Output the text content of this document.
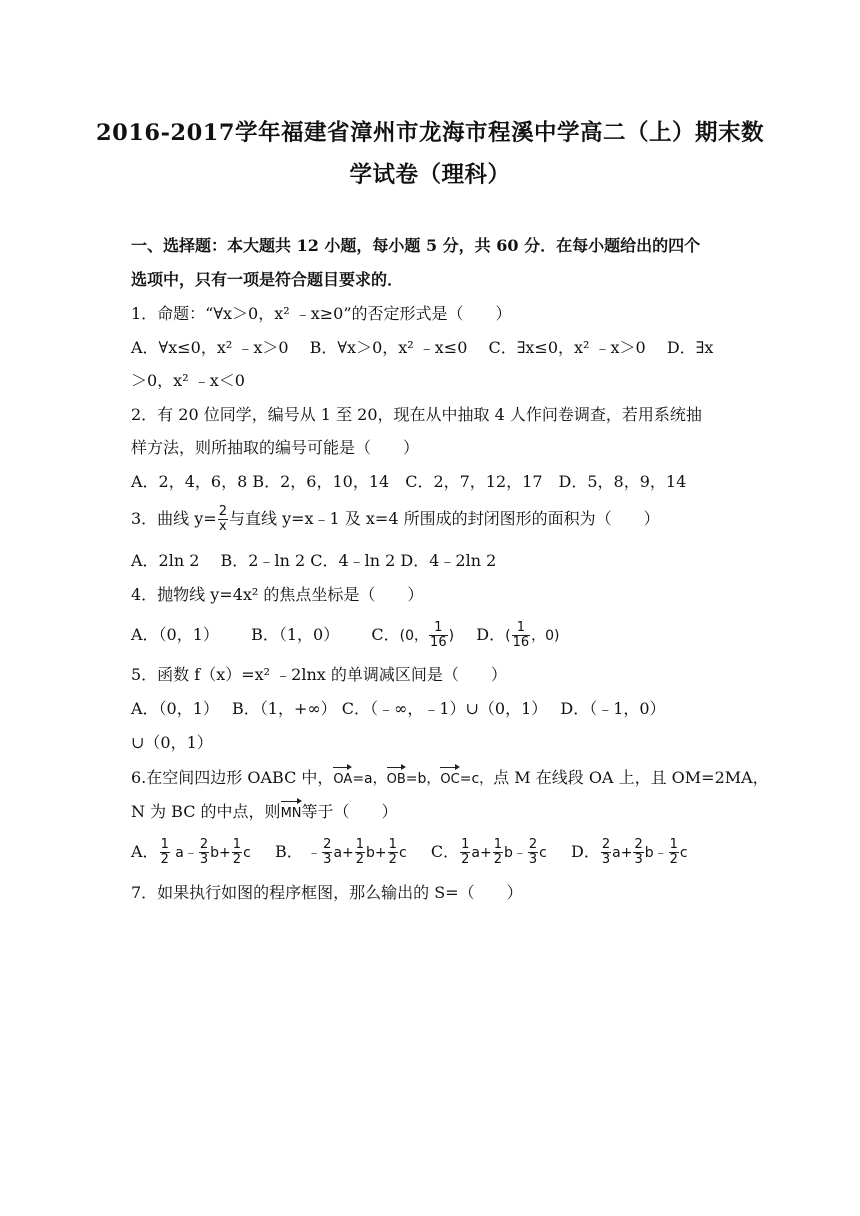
2016-2017学年福建省漳州市龙海市程溪中学高二（上）期末数
学试卷（理科）
一、选择题：本大题共 12 小题，每小题 5 分，共 60 分．在每小题给出的四个
选项中，只有一项是符合题目要求的．
1．命题：“∀x＞0，x² ﹣x≥0”的否定形式是（　　）
A．∀x≤0，x² ﹣x＞0　 B．∀x＞0，x² ﹣x≤0　 C．∃x≤0，x² ﹣x＞0　 D．∃x
＞0，x² ﹣x＜0
2．有 20 位同学，编号从 1 至 20，现在从中抽取 4 人作问卷调查，若用系统抽
样方法，则所抽取的编号可能是（　　）
A．2，4，6，8 B．2，6，10，14　C．2，7，12，17　D．5，8，9，14
3．曲线 $y= \frac{2}{x}$ 与直线 y=x﹣1 及 x=4 所围成的封闭图形的面积为（　　）
A．2ln 2　 B．2﹣ln 2 C．4﹣ln 2 D．4﹣2ln 2
4．抛物线 y=4x² 的焦点坐标是（　　）
A．（0，1） B．（1，0） C．(0， $\frac{1}{16}$ ) D．( $\frac{1}{16}$ ，0)
5．函数 f（x）=x² ﹣2lnx 的单调减区间是（　　）
A．（0，1）　 B．（1，+∞） C．（﹣∞，﹣1）∪（0，1）　 D．（﹣1，0）
∪（0，1）
6.在空间四边形 OABC 中，OA=a，OB=b，OC=c，点 M 在线段 OA 上，且 OM=2MA，
N 为 BC 的中点，则MN等于（　　）
A． $\frac{1}{2}$ a﹣ $\frac{2}{3} b+ \frac{1}{2}$ c B． ﹣ $\frac{2}{3} a+ \frac{1}{2} b+ \frac{1}{2}$ c C． $\frac{1}{2} a+ \frac{1}{2}$ b﹣ $\frac{2}{3}$ c D． $\frac{2}{3} a+ \frac{2}{3}$ b﹣ $\frac{1}{2}$ c
7．如果执行如图的程序框图，那么输出的 S=（　　）
